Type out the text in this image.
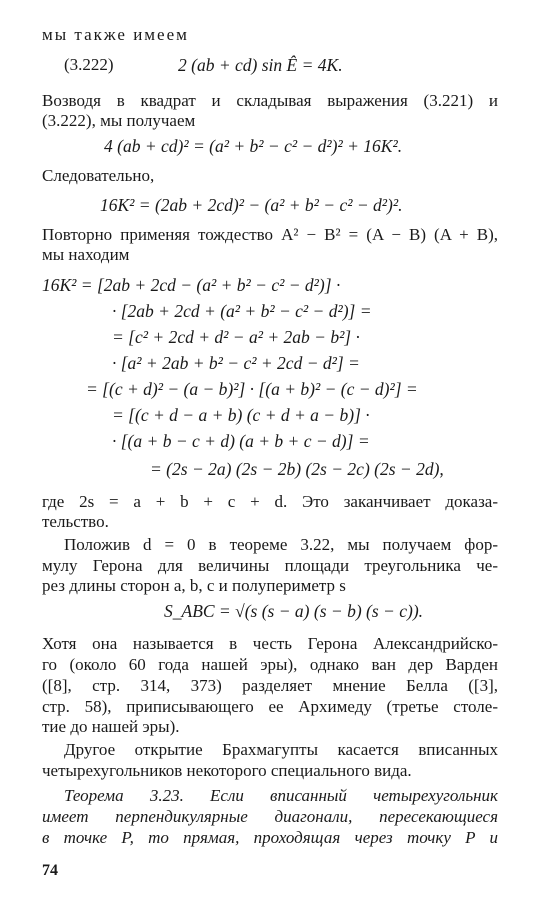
мы также имеем
(3.222)	2 (ab + cd) sin Ê = 4K.
Возводя в квадрат и складывая выражения (3.221) и
(3.222), мы получаем
4 (ab + cd)² = (a² + b² − c² − d²)² + 16K².
Следовательно,
16K² = (2ab + 2cd)² − (a² + b² − c² − d²)².
Повторно применяя тождество A² − B² = (A − B) (A + B),
мы находим
16K² = [2ab + 2cd − (a² + b² − c² − d²)] ·
· [2ab + 2cd + (a² + b² − c² − d²)] =
= [c² + 2cd + d² − a² + 2ab − b²] ·
· [a² + 2ab + b² − c² + 2cd − d²] =
= [(c + d)² − (a − b)²] · [(a + b)² − (c − d)²] =
= [(c + d − a + b) (c + d + a − b)] ·
· [(a + b − c + d) (a + b + c − d)] =
= (2s − 2a) (2s − 2b) (2s − 2c) (2s − 2d),
где 2s = a + b + c + d. Это заканчивает доказа-
тельство.
Положив d = 0 в теореме 3.22, мы получаем фор-
мулу Герона для величины площади треугольника че-
рез длины сторон a, b, c и полупериметр s
S_ABC = √(s (s − a) (s − b) (s − c)).
Хотя она называется в честь Герона Александрийско-
го (около 60 года нашей эры), однако ван дер Варден
([8], стр. 314, 373) разделяет мнение Белла ([3],
стр. 58), приписывающего ее Архимеду (третье столе-
тие до нашей эры).
Другое открытие Брахмагупты касается вписанных
четырехугольников некоторого специального вида.
Теорема 3.23. Если вписанный четырехугольник
имеет перпендикулярные диагонали, пересекающиеся
в точке P, то прямая, проходящая через точку P и
74
